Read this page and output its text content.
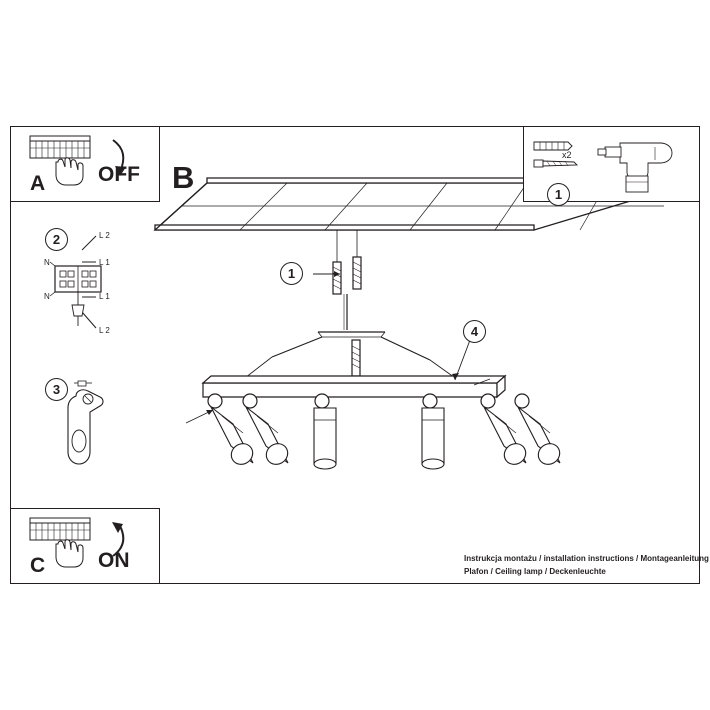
A	OFF
C	ON
B
x2
1
2	L 2
L 1
N
N	L 1
L 2
3
1
4
Instrukcja montażu / installation instructions / Montageanleitung
Plafon / Ceiling lamp / Deckenleuchte
